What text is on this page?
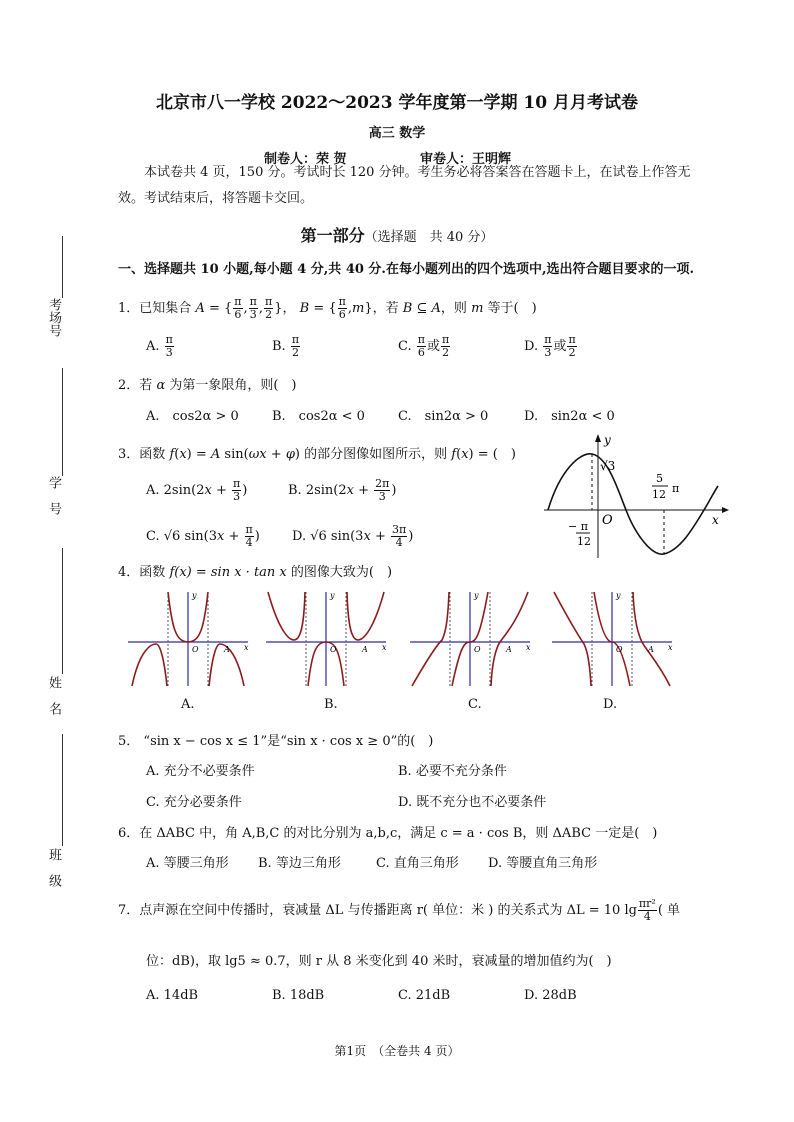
考场号
学　号
姓　名
班　级
北京市八一学校 2022～2023 学年度第一学期 10 月月考试卷
高三 数学
制卷人：荣 贺	审卷人：王明辉
本试卷共 4 页，150 分。考试时长 120 分钟。考生务必将答案答在答题卡上，在试卷上作答无
效。考试结束后，将答题卡交回。
第一部分（选择题　共 40 分）
一、选择题共 10 小题,每小题 4 分,共 40 分.在每小题列出的四个选项中,选出符合题目要求的一项.
1．已知集合 A = { $\frac{\pi}{6}$ , $\frac{\pi}{3}$ , $\frac{\pi}{2}$ }， B = { $\frac{\pi}{6} ,m$}，若 B ⊆ A，则 m 等于(　)
A. $\frac{\pi}{3}$	B. $\frac{\pi}{2}$	C. $\frac{\pi}{6}$ 或 $\frac{\pi}{2}$	D. $\frac{\pi}{3}$ 或 $\frac{\pi}{2}$
2．若 α 为第一象限角，则(　)
A.　cos2α > 0	B.　cos2α < 0	C.　sin2α > 0	D.　sin2α < 0
3．函数 f(x) = A sin(ωx + φ) 的部分图像如图所示，则 f(x) = (　)
A. $2\sin(2x + \frac{\pi}{3}$ )	B. $2\sin(2x + \frac{2\pi}{3}$ )
C. √6 $\sin(3x + \frac{\pi}{4}$ ) D. √6 $\sin(3x + \frac{3\pi}{4}$ )
y
x
√3
O
− π
12
5
12 π
4．函数 f(x) = sin x · tan x 的图像大致为(　)
O	A x
y
A.
O	A x
y
B.
O	A x
y
C.
O	A x
y
D.
5． “sin x − cos x ≤ 1”是“sin x · cos x ≥ 0”的(　)
A. 充分不必要条件	B. 必要不充分条件
C. 充分必要条件	D. 既不充分也不必要条件
6．在 ΔABC 中，角 A,B,C 的对比分别为 a,b,c，满足 c = a · cos B，则 ΔABC 一定是(　)
A. 等腰三角形 B. 等边三角形	C. 直角三角形 D. 等腰直角三角形
7．点声源在空间中传播时，衰减量 ΔL 与传播距离 r( 单位：米 ) 的关系式为 ΔL = 10 $\lg \frac{\text{πr²}}{4}$ ( 单
位：dB)，取 lg5 ≈ 0.7，则 r 从 8 米变化到 40 米时，衰减量的增加值约为(　)
A. 14dB	B. 18dB	C. 21dB	D. 28dB
第1页　（全卷共 4 页）
